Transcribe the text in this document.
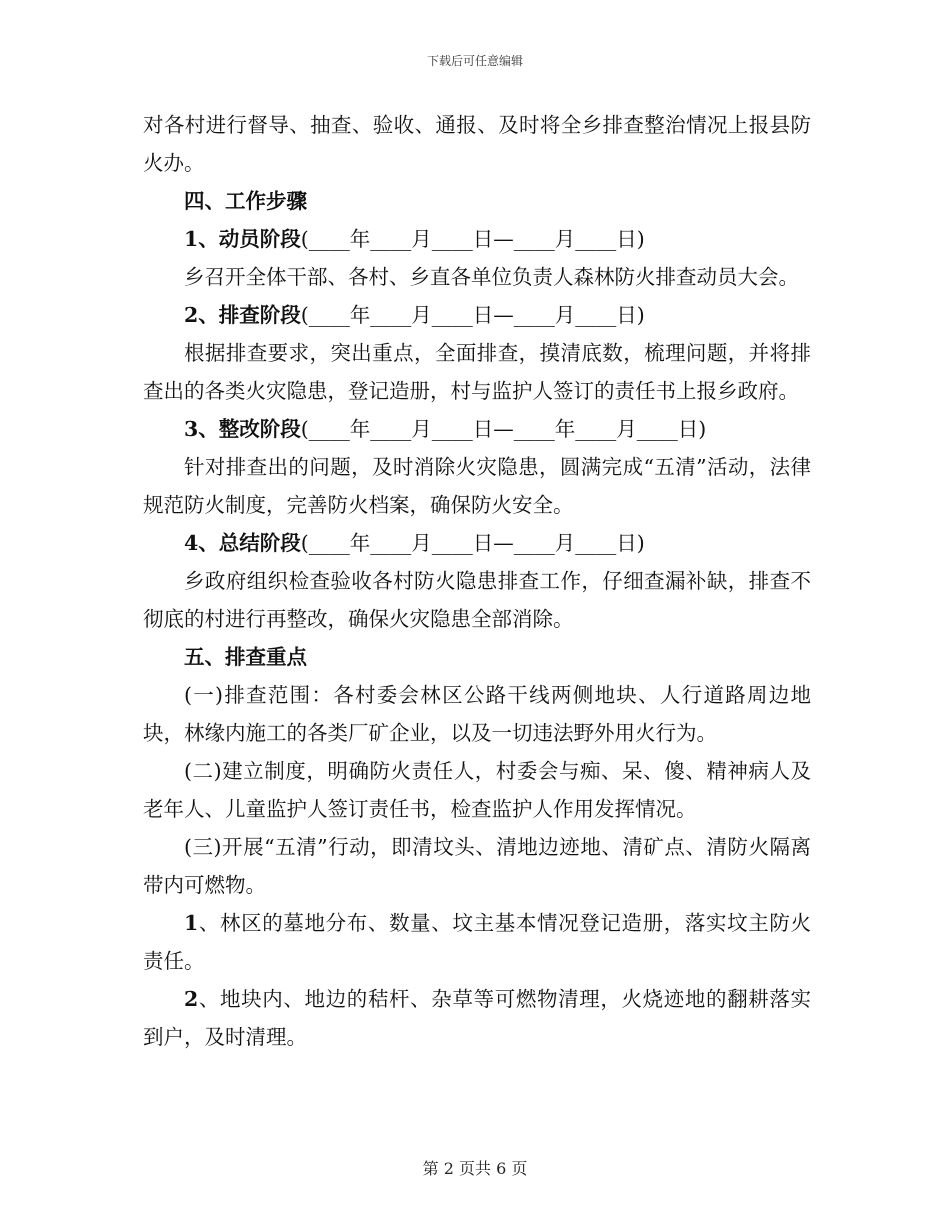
下载后可任意编辑

对各村进行督导、抽查、验收、通报、及时将全乡排查整治情况上报县防火办。

四、工作步骤

1、动员阶段(____年____月____日—____月____日)

乡召开全体干部、各村、乡直各单位负责人森林防火排查动员大会。

2、排查阶段(____年____月____日—____月____日)

根据排查要求，突出重点，全面排查，摸清底数，梳理问题，并将排查出的各类火灾隐患，登记造册，村与监护人签订的责任书上报乡政府。

3、整改阶段(____年____月____日—____年____月____日)

针对排查出的问题，及时消除火灾隐患，圆满完成“五清”活动，法律规范防火制度，完善防火档案，确保防火安全。

4、总结阶段(____年____月____日—____月____日)

乡政府组织检查验收各村防火隐患排查工作，仔细查漏补缺，排查不彻底的村进行再整改，确保火灾隐患全部消除。

五、排查重点

(一)排查范围：各村委会林区公路干线两侧地块、人行道路周边地块，林缘内施工的各类厂矿企业，以及一切违法野外用火行为。

(二)建立制度，明确防火责任人，村委会与痴、呆、傻、精神病人及老年人、儿童监护人签订责任书，检查监护人作用发挥情况。

(三)开展“五清”行动，即清坟头、清地边迹地、清矿点、清防火隔离带内可燃物。

1、林区的墓地分布、数量、坟主基本情况登记造册，落实坟主防火责任。

2、地块内、地边的秸杆、杂草等可燃物清理，火烧迹地的翻耕落实到户，及时清理。

第 2 页共 6 页
